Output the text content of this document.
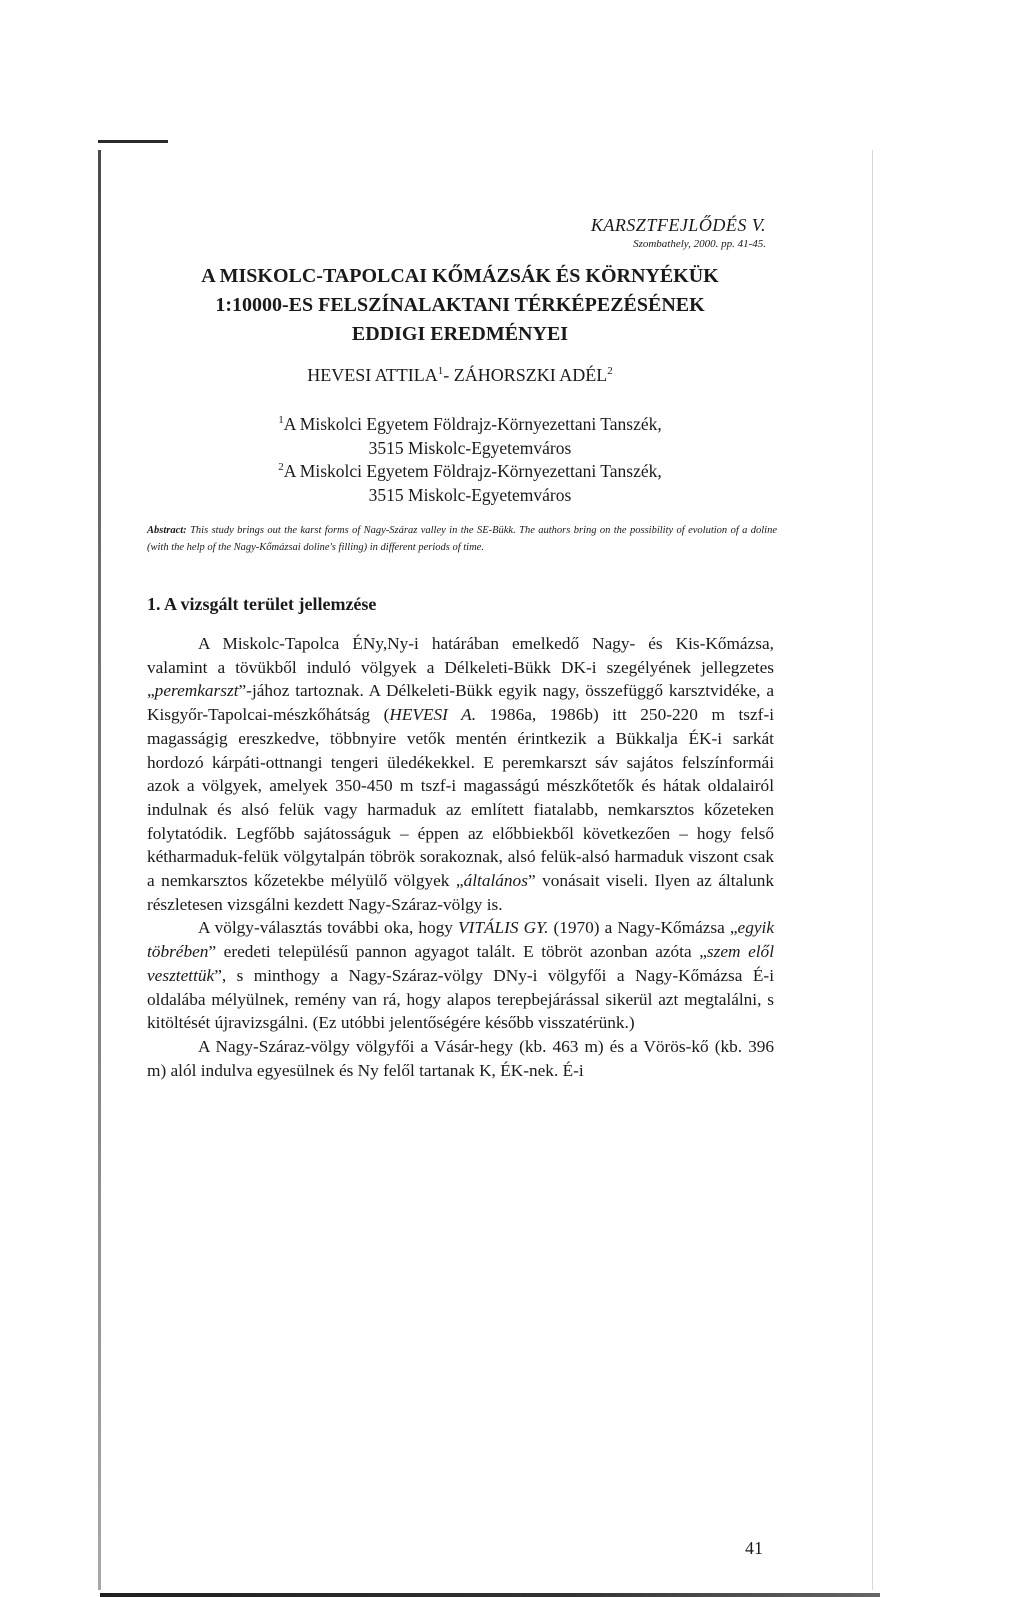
KARSZTFEJLŐDÉS V.
Szombathely, 2000. pp. 41-45.
A MISKOLC-TAPOLCAI KŐMÁZSÁK ÉS KÖRNYÉKÜK
1:10000-ES FELSZÍNALAKTANI TÉRKÉPEZÉSÉNEK
EDDIGI EREDMÉNYEI
HEVESI ATTILA$^1$- ZÁHORSZKI ADÉL$^2$
$^1$A Miskolci Egyetem Földrajz-Környezettani Tanszék,
3515 Miskolc-Egyetemváros
$^2$A Miskolci Egyetem Földrajz-Környezettani Tanszék,
3515 Miskolc-Egyetemváros
Abstract: This study brings out the karst forms of Nagy-Száraz valley in the SE-Bükk. The authors bring on the possibility of evolution of a doline (with the help of the Nagy-Kőmázsai doline's filling) in different periods of time.
1. A vizsgált terület jellemzése

A Miskolc-Tapolca ÉNy,Ny-i határában emelkedő Nagy- és Kis-Kőmázsa, valamint a tövükből induló völgyek a Délkeleti-Bükk DK-i szegélyének jellegzetes „peremkarszt”-jához tartoznak. A Délkeleti-Bükk egyik nagy, összefüggő karsztvidéke, a Kisgyőr-Tapolcai-mészkőhátság (HEVESI A. 1986a, 1986b) itt 250-220 m tszf-i magasságig ereszkedve, többnyire vetők mentén érintkezik a Bükkalja ÉK-i sarkát hordozó kárpáti-ottnangi tengeri üledékekkel. E peremkarszt sáv sajátos felszínformái azok a völgyek, amelyek 350-450 m tszf-i magasságú mészkőtetők és hátak oldalairól indulnak és alsó felük vagy harmaduk az említett fiatalabb, nemkarsztos kőzeteken folytatódik. Legfőbb sajátosságuk – éppen az előbbiekből következően – hogy felső kétharmaduk-felük völgytalpán töbrök sorakoznak, alsó felük-alsó harmaduk viszont csak a nemkarsztos kőzetekbe mélyülő völgyek „általános” vonásait viseli. Ilyen az általunk részletesen vizsgálni kezdett Nagy-Száraz-völgy is.

A völgy-választás további oka, hogy VITÁLIS GY. (1970) a Nagy-Kőmázsa „egyik töbrében” eredeti településű pannon agyagot talált. E töbröt azonban azóta „szem elől vesztettük”, s minthogy a Nagy-Száraz-völgy DNy-i völgyfői a Nagy-Kőmázsa É-i oldalába mélyülnek, remény van rá, hogy alapos terepbejárással sikerül azt megtalálni, s kitöltését újravizsgálni. (Ez utóbbi jelentőségére később visszatérünk.)

A Nagy-Száraz-völgy völgyfői a Vásár-hegy (kb. 463 m) és a Vörös-kő (kb. 396 m) alól indulva egyesülnek és Ny felől tartanak K, ÉK-nek. É-i

41
